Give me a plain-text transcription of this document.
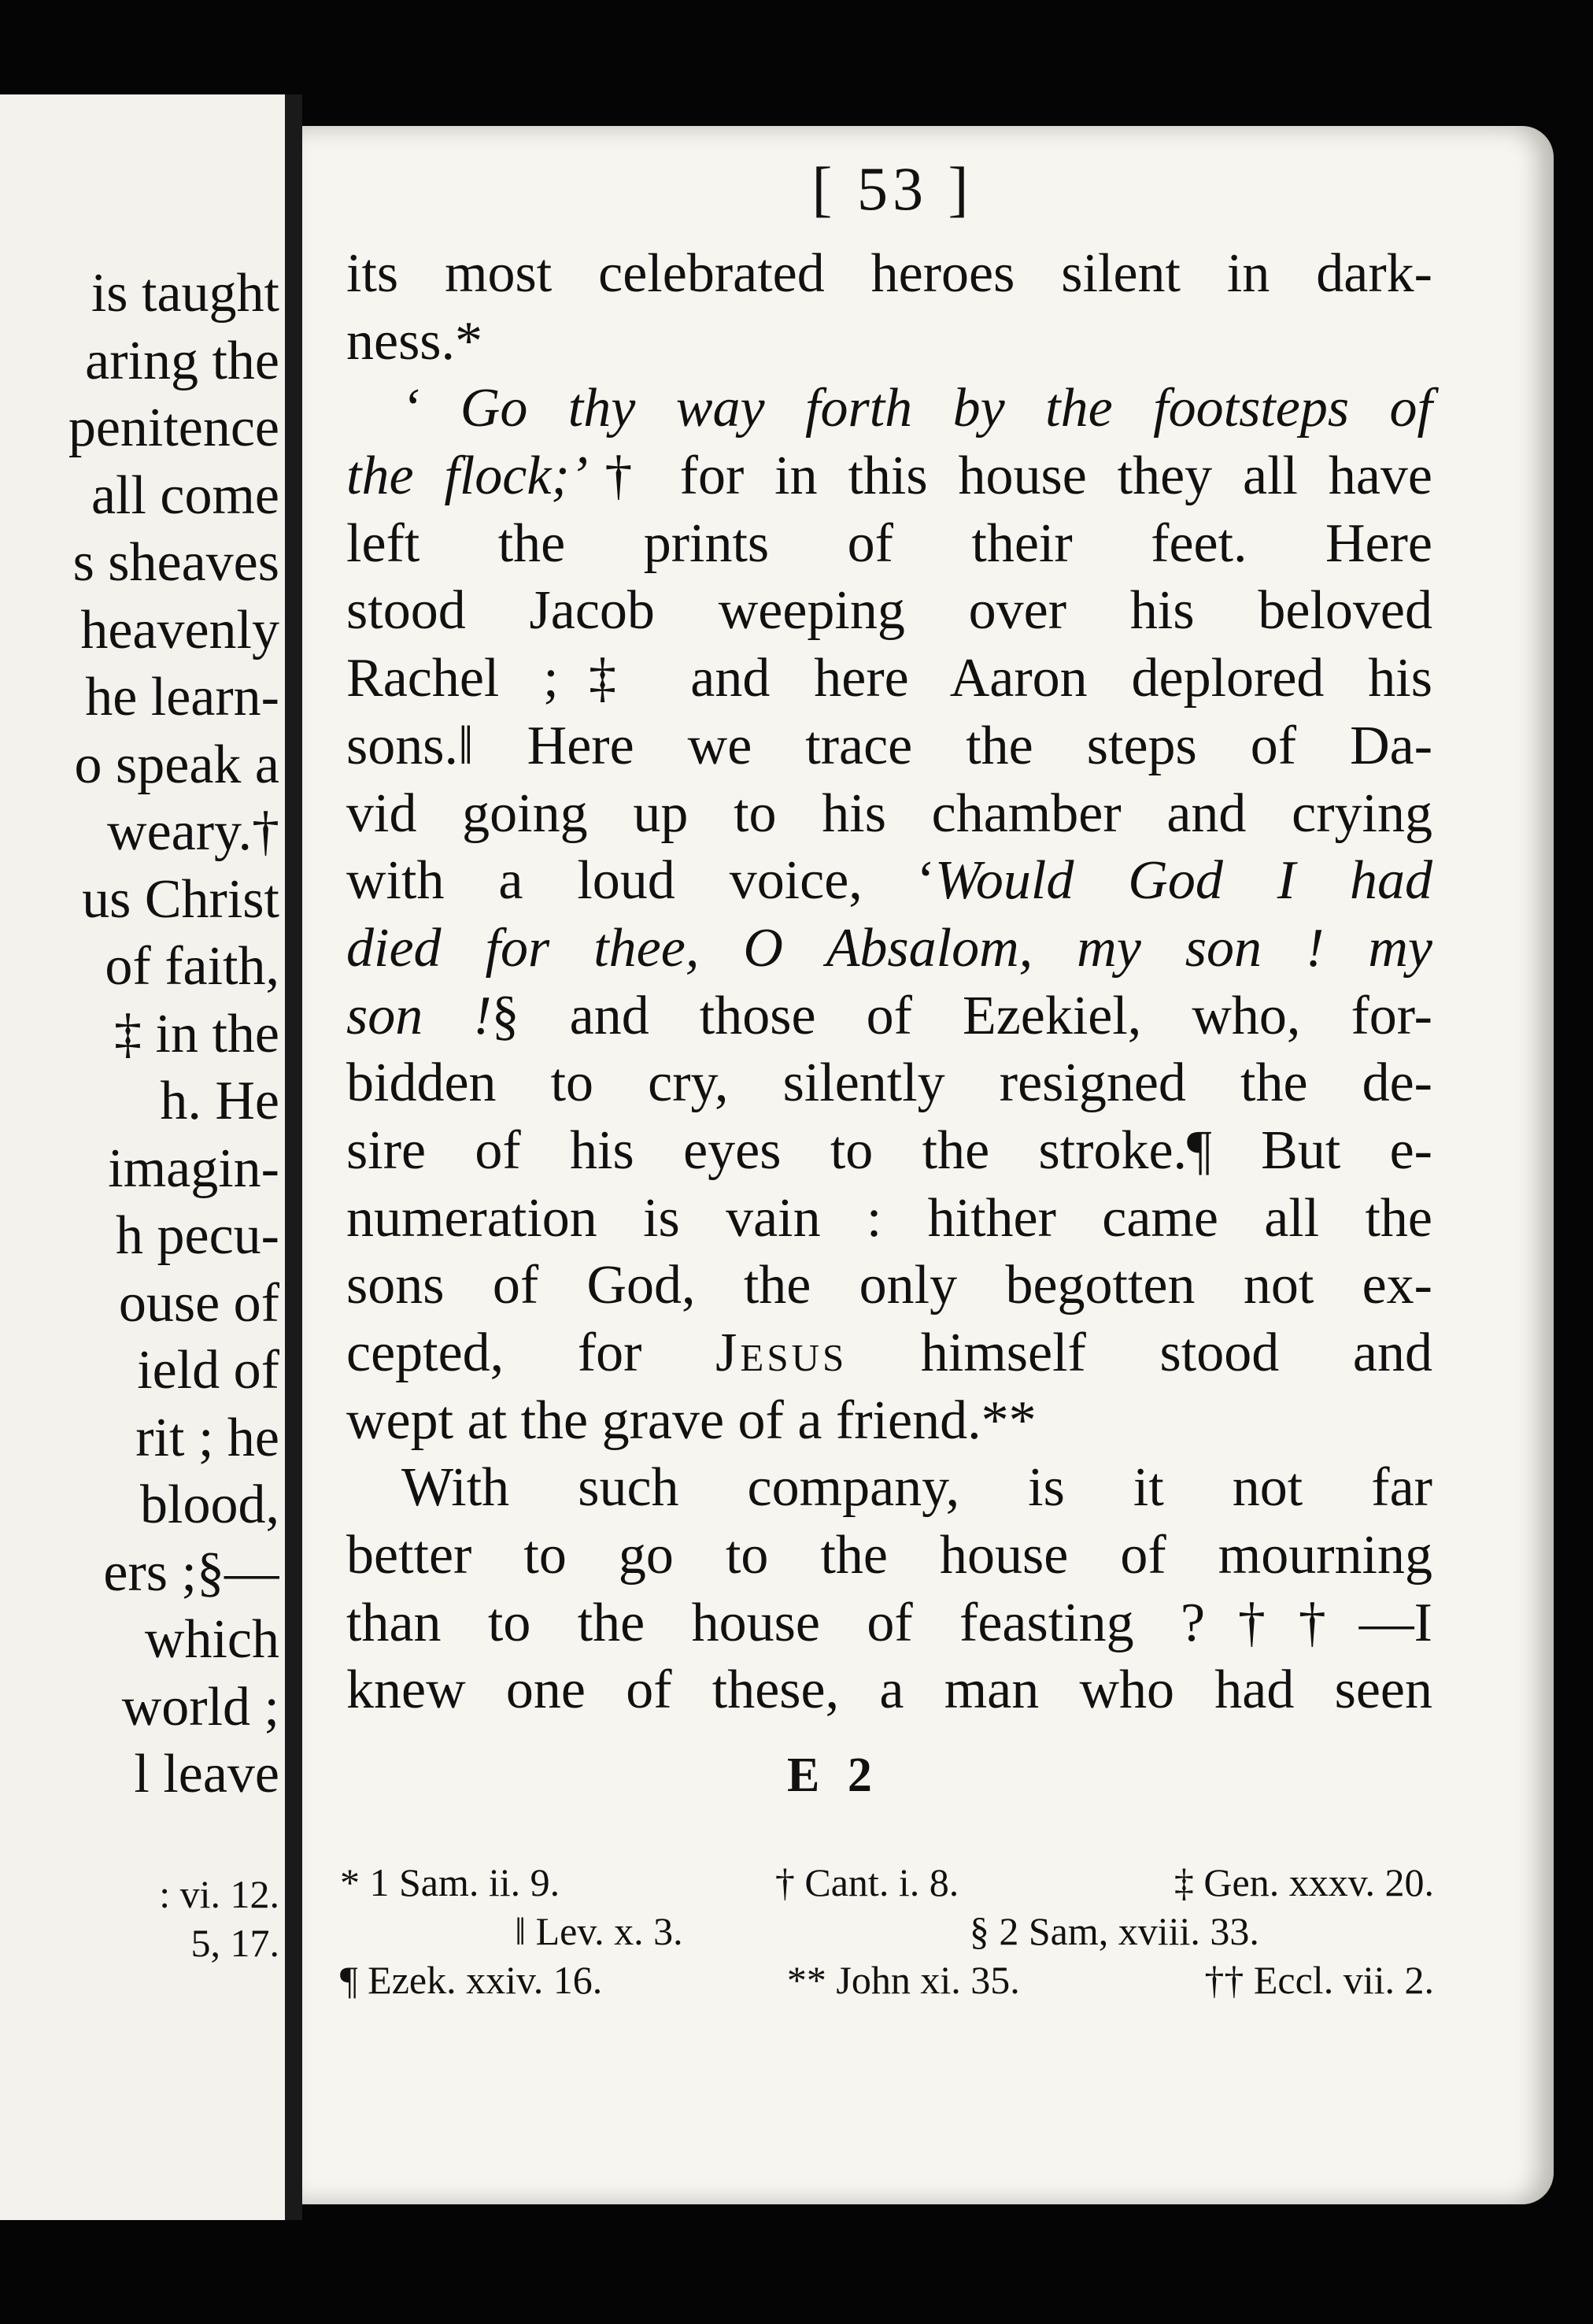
is taught
aring the
penitence
all come
s sheaves
heavenly
he learn-
o speak a
weary.†
us Christ
of faith,
‡ in the
h. He
imagin-
h pecu-
ouse of
ield of
rit ; he
blood,
ers ;§—
which
world ;
l leave
: vi. 12.
5, 17.
[ 53 ]
its most celebrated heroes silent in dark-
ness.*
‘ Go thy way forth by the footsteps of
the flock;’† for in this house they all have
left the prints of their feet. Here
stood Jacob weeping over his beloved
Rachel ;‡ and here Aaron deplored his
sons.‖ Here we trace the steps of Da-
vid going up to his chamber and crying
with a loud voice, ‘Would God I had
died for thee, O Absalom, my son ! my
son !§ and those of Ezekiel, who, for-
bidden to cry, silently resigned the de-
sire of his eyes to the stroke.¶ But e-
numeration is vain : hither came all the
sons of God, the only begotten not ex-
cepted, for Jesus himself stood and
wept at the grave of a friend.**
With such company, is it not far
better to go to the house of mourning
than to the house of feasting ?††—I
knew one of these, a man who had seen
E 2
* 1 Sam. ii. 9.	† Cant. i. 8.	‡ Gen. xxxv. 20.
‖ Lev. x. 3.	§ 2 Sam, xviii. 33.
¶ Ezek. xxiv. 16.	** John xi. 35.	†† Eccl. vii. 2.
